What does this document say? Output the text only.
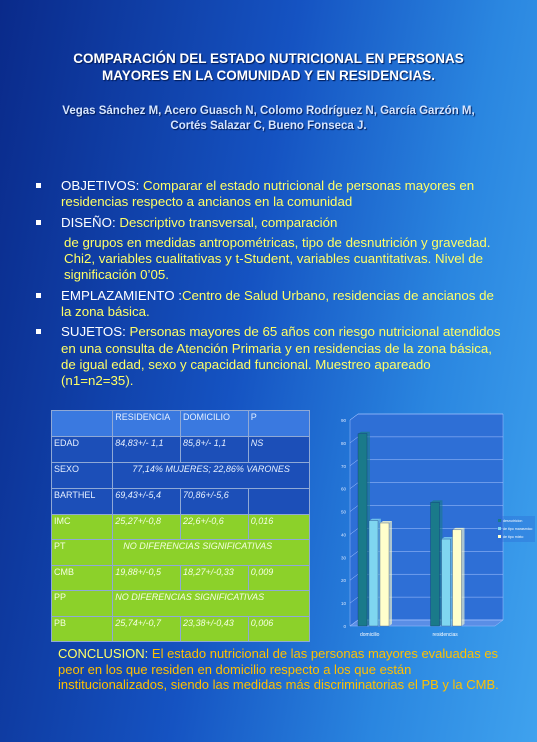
COMPARACIÓN DEL ESTADO NUTRICIONAL EN PERSONAS
MAYORES EN LA COMUNIDAD Y EN RESIDENCIAS.
Vegas Sánchez M, Acero Guasch N, Colomo Rodríguez N, García Garzón M,
Cortés Salazar C, Bueno Fonseca J.

OBJETIVOS: Comparar el estado nutricional de personas mayores en residencias respecto a ancianos en la comunidad

DISEÑO: Descriptivo transversal, comparación

de grupos en medidas antropométricas, tipo de desnutrición y gravedad. Chi2, variables cualitativas y t-Student, variables cuantitativas. Nivel de significación 0’05.

EMPLAZAMIENTO :Centro de Salud Urbano, residencias de ancianos de la zona básica.

SUJETOS: Personas mayores de 65 años con riesgo nutricional atendidos en una consulta de Atención Primaria y en residencias de la zona básica, de igual edad, sexo y capacidad funcional. Muestreo apareado (n1=n2=35).

	RESIDENCIA	DOMICILIO	P
EDAD	84,83+/- 1,1	85,8+/- 1,1	NS
SEXO	77,14% MUJERES; 22,86% VARONES		
BARTHEL	69,43+/-5,4	70,86+/-5,6	
IMC	25,27+/-0,8	22,6+/-0,6	0,016
PT	NO DIFERENCIAS SIGNIFICATIVAS		
CMB	19,88+/-0,5	18,27+/-0,33	0,009
PP	NO DIFERENCIAS SIGNIFICATIVAS		
PB	25,74+/-0,7	23,38+/-0,43	0,006	0
10
20
30
40
50
60
70
80
90
domicilio	residencias
desnutricion
de tipo marasmico
de tipo mixto
CONCLUSION: El estado nutricional de las personas mayores evaluadas es peor en los que residen en domicilio respecto a los que están institucionalizados, siendo las medidas más discriminatorias el PB y la CMB.
